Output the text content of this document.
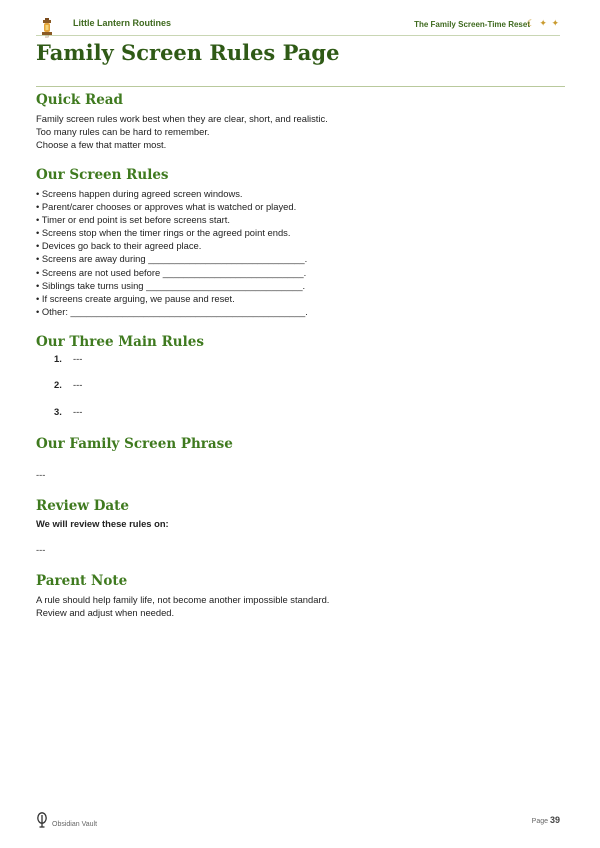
LLR
Little Lantern Routines	The Family Screen-Time Reset
☾ ✦ ✦
Family Screen Rules Page
Quick Read
Family screen rules work best when they are clear, short, and realistic.
Too many rules can be hard to remember.
Choose a few that matter most.
Our Screen Rules
• Screens happen during agreed screen windows.
• Parent/carer chooses or approves what is watched or played.
• Timer or end point is set before screens start.
• Screens stop when the timer rings or the agreed point ends.
• Devices go back to their agreed place.
• Screens are away during ______________________________.
• Screens are not used before ___________________________.
• Siblings take turns using ______________________________.
• If screens create arguing, we pause and reset.
• Other: _____________________________________________.
Our Three Main Rules
1. ---
2. ---
3. ---
Our Family Screen Phrase
---
Review Date
We will review these rules on:
---
Parent Note
A rule should help family life, not become another impossible standard.
Review and adjust when needed.
Obsidian Vault	Page 39
